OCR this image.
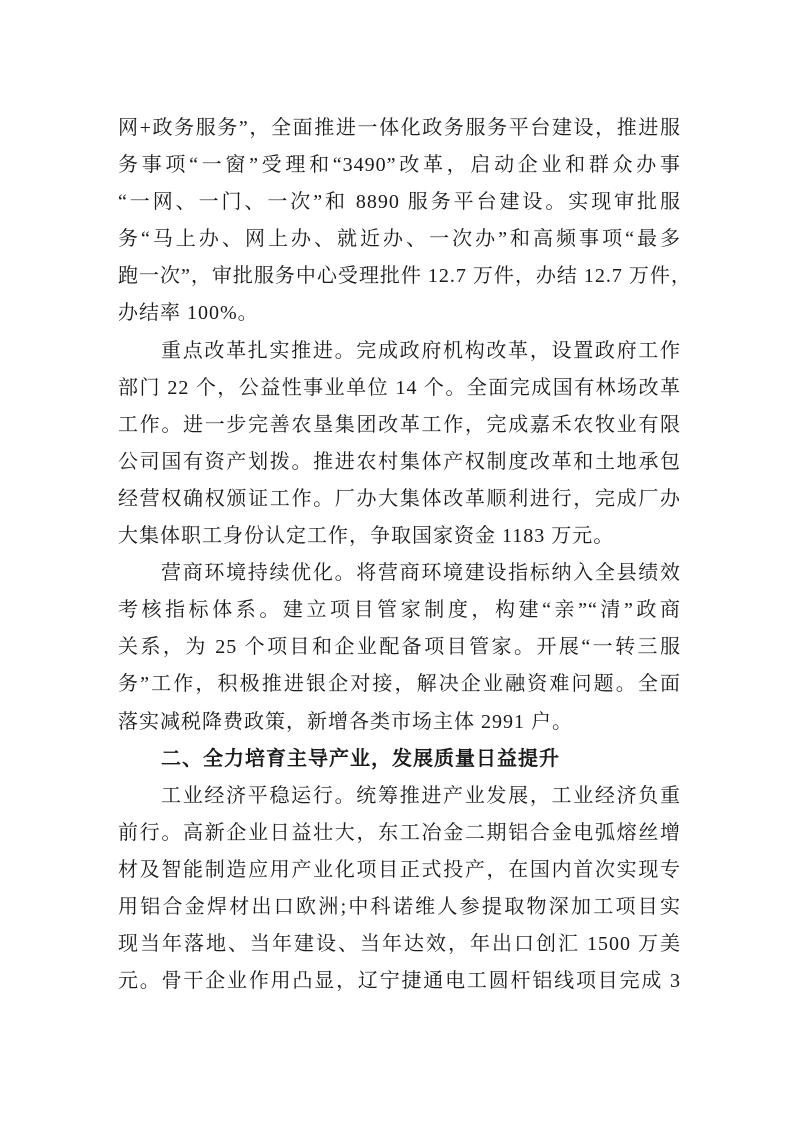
网+政务服务”，全面推进一体化政务服务平台建设，推进服
务事项“一窗”受理和“3490”改革，启动企业和群众办事
“一网、一门、一次”和 8890 服务平台建设。实现审批服
务“马上办、网上办、就近办、一次办”和高频事项“最多
跑一次”，审批服务中心受理批件 12.7 万件，办结 12.7 万件，
办结率 100%。
重点改革扎实推进。完成政府机构改革，设置政府工作
部门 22 个，公益性事业单位 14 个。全面完成国有林场改革
工作。进一步完善农垦集团改革工作，完成嘉禾农牧业有限
公司国有资产划拨。推进农村集体产权制度改革和土地承包
经营权确权颁证工作。厂办大集体改革顺利进行，完成厂办
大集体职工身份认定工作，争取国家资金 1183 万元。
营商环境持续优化。将营商环境建设指标纳入全县绩效
考核指标体系。建立项目管家制度，构建“亲”“清”政商
关系，为 25 个项目和企业配备项目管家。开展“一转三服
务”工作，积极推进银企对接，解决企业融资难问题。全面
落实减税降费政策，新增各类市场主体 2991 户。
二、全力培育主导产业，发展质量日益提升
工业经济平稳运行。统筹推进产业发展，工业经济负重
前行。高新企业日益壮大，东工冶金二期铝合金电弧熔丝增
材及智能制造应用产业化项目正式投产，在国内首次实现专
用铝合金焊材出口欧洲;中科诺维人参提取物深加工项目实
现当年落地、当年建设、当年达效，年出口创汇 1500 万美
元。骨干企业作用凸显，辽宁捷通电工圆杆铝线项目完成 3
